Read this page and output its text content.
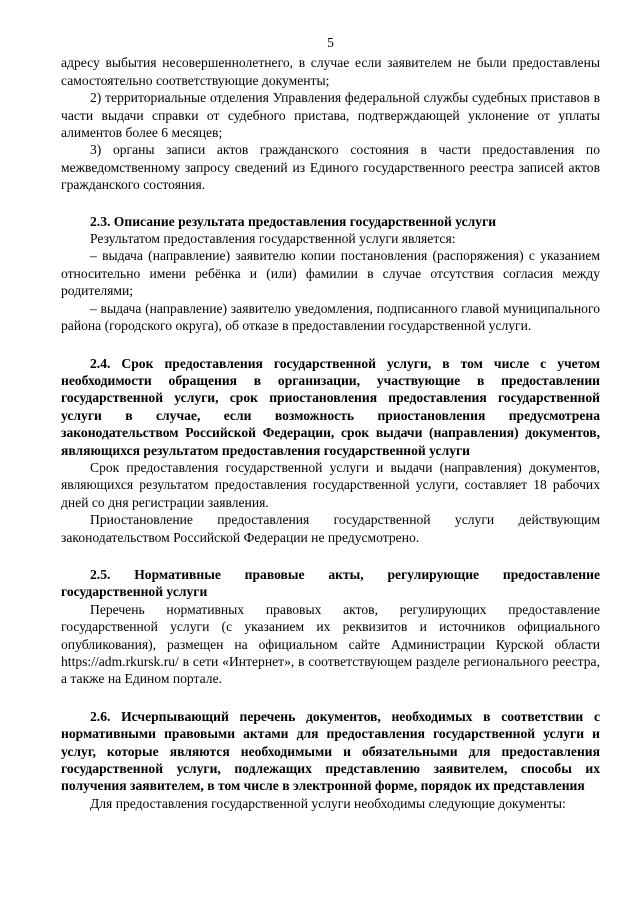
5

адресу выбытия несовершеннолетнего, в случае если заявителем не были предоставлены самостоятельно соответствующие документы;

2) территориальные отделения Управления федеральной службы судебных приставов в части выдачи справки от судебного пристава, подтверждающей уклонение от уплаты алиментов более 6 месяцев;

3) органы записи актов гражданского состояния в части предоставления по межведомственному запросу сведений из Единого государственного реестра записей актов гражданского состояния.

2.3. Описание результата предоставления государственной услуги

Результатом предоставления государственной услуги является:

– выдача (направление) заявителю копии постановления (распоряжения) с указанием относительно имени ребёнка и (или) фамилии в случае отсутствия согласия между родителями;

– выдача (направление) заявителю уведомления, подписанного главой муниципального района (городского округа), об отказе в предоставлении государственной услуги.

2.4. Срок предоставления государственной услуги, в том числе с учетом необходимости обращения в организации, участвующие в предоставлении государственной услуги, срок приостановления предоставления государственной услуги в случае, если возможность приостановления предусмотрена законодательством Российской Федерации, срок выдачи (направления) документов, являющихся результатом предоставления государственной услуги

Срок предоставления государственной услуги и выдачи (направления) документов, являющихся результатом предоставления государственной услуги, составляет 18 рабочих дней со дня регистрации заявления.

Приостановление предоставления государственной услуги действующим законодательством Российской Федерации не предусмотрено.

2.5. Нормативные правовые акты, регулирующие предоставление государственной услуги

Перечень нормативных правовых актов, регулирующих предоставление государственной услуги (с указанием их реквизитов и источников официального опубликования), размещен на официальном сайте Администрации Курской области https://adm.rkursk.ru/ в сети «Интернет», в соответствующем разделе регионального реестра, а также на Едином портале.

2.6. Исчерпывающий перечень документов, необходимых в соответствии с нормативными правовыми актами для предоставления государственной услуги и услуг, которые являются необходимыми и обязательными для предоставления государственной услуги, подлежащих представлению заявителем, способы их получения заявителем, в том числе в электронной форме, порядок их представления

Для предоставления государственной услуги необходимы следующие документы:
